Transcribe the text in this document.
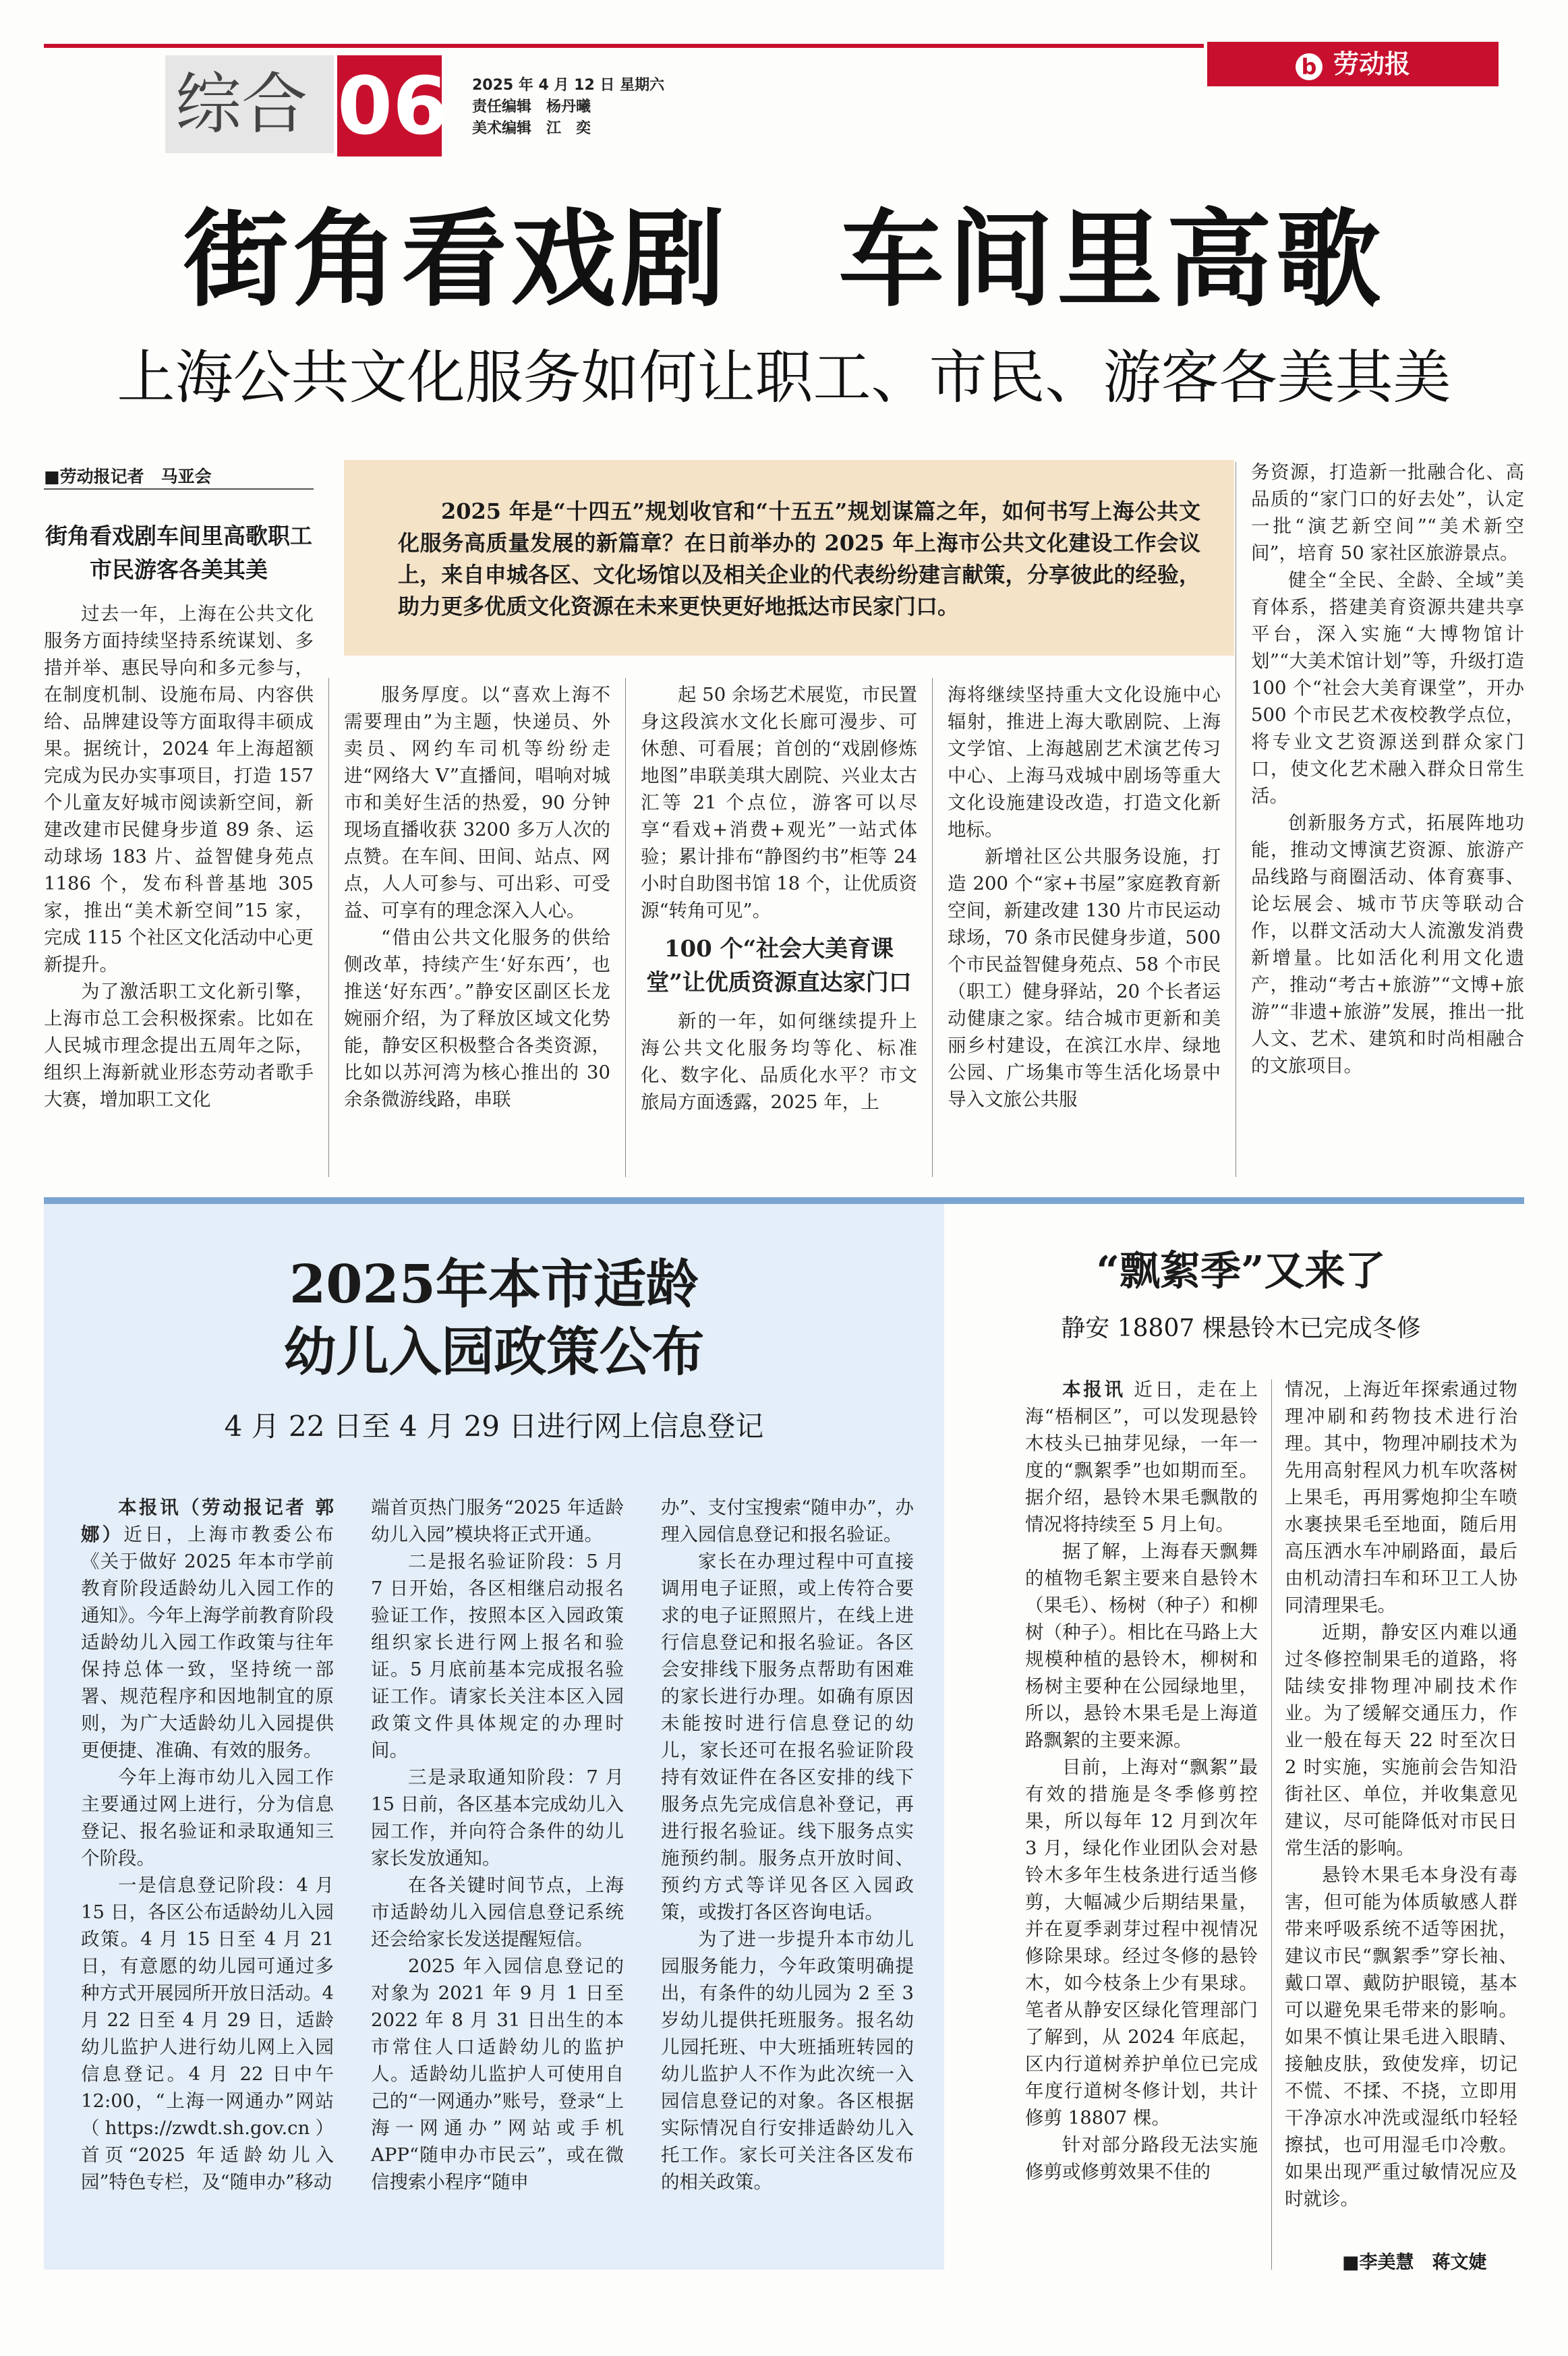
综合 06 2025 年 4 月 12 日 星期六
责任编辑　杨丹曦
美术编辑　江　奕
b 劳动报
街角看戏剧　车间里高歌
上海公共文化服务如何让职工、市民、游客各美其美
■劳动报记者　马亚会
街角看戏剧车间里高歌职工市民游客各美其美
2025 年是“十四五”规划收官和“十五五”规划谋篇之年，如何书写上海公共文化服务高质量发展的新篇章？在日前举办的 2025 年上海市公共文化建设工作会议上，来自申城各区、文化场馆以及相关企业的代表纷纷建言献策，分享彼此的经验，助力更多优质文化资源在未来更快更好地抵达市民家门口。

过去一年，上海在公共文化服务方面持续坚持系统谋划、多措并举、惠民导向和多元参与，在制度机制、设施布局、内容供给、品牌建设等方面取得丰硕成果。据统计，2024 年上海超额完成为民办实事项目，打造 157 个儿童友好城市阅读新空间，新建改建市民健身步道 89 条、运动球场 183 片、益智健身苑点 1186 个，发布科普基地 305 家，推出“美术新空间”15 家，完成 115 个社区文化活动中心更新提升。

为了激活职工文化新引擎，上海市总工会积极探索。比如在人民城市理念提出五周年之际，组织上海新就业形态劳动者歌手大赛，增加职工文化

服务厚度。以“喜欢上海不需要理由”为主题，快递员、外卖员、网约车司机等纷纷走进“网络大 V”直播间，唱响对城市和美好生活的热爱，90 分钟现场直播收获 3200 多万人次的点赞。在车间、田间、站点、网点，人人可参与、可出彩、可受益、可享有的理念深入人心。

“借由公共文化服务的供给侧改革，持续产生‘好东西’，也推送‘好东西’。”静安区副区长龙婉丽介绍，为了释放区域文化势能，静安区积极整合各类资源，比如以苏河湾为核心推出的 30 余条微游线路，串联

起 50 余场艺术展览，市民置身这段滨水文化长廊可漫步、可休憩、可看展；首创的“戏剧修炼地图”串联美琪大剧院、兴业太古汇等 21 个点位，游客可以尽享“看戏+消费+观光”一站式体验；累计排布“静图约书”柜等 24 小时自助图书馆 18 个，让优质资源“转角可见”。

100 个“社会大美育课堂”让优质资源直达家门口

新的一年，如何继续提升上海公共文化服务均等化、标准化、数字化、品质化水平？市文旅局方面透露，2025 年，上

海将继续坚持重大文化设施中心辐射，推进上海大歌剧院、上海文学馆、上海越剧艺术演艺传习中心、上海马戏城中剧场等重大文化设施建设改造，打造文化新地标。

新增社区公共服务设施，打造 200 个“家+书屋”家庭教育新空间，新建改建 130 片市民运动球场，70 条市民健身步道，500 个市民益智健身苑点、58 个市民（职工）健身驿站，20 个长者运动健康之家。结合城市更新和美丽乡村建设，在滨江水岸、绿地公园、广场集市等生活化场景中导入文旅公共服

务资源，打造新一批融合化、高品质的“家门口的好去处”，认定一批“演艺新空间”“美术新空间”，培育 50 家社区旅游景点。

健全“全民、全龄、全域”美育体系，搭建美育资源共建共享平台，深入实施“大博物馆计划”“大美术馆计划”等，升级打造 100 个“社会大美育课堂”，开办 500 个市民艺术夜校教学点位，将专业文艺资源送到群众家门口，使文化艺术融入群众日常生活。

创新服务方式，拓展阵地功能，推动文博演艺资源、旅游产品线路与商圈活动、体育赛事、论坛展会、城市节庆等联动合作，以群文活动大人流激发消费新增量。比如活化利用文化遗产，推动“考古+旅游”“文博+旅游”“非遗+旅游”发展，推出一批人文、艺术、建筑和时尚相融合的文旅项目。

2025年本市适龄
幼儿入园政策公布
4 月 22 日至 4 月 29 日进行网上信息登记

本报讯（劳动报记者 郭娜）近日，上海市教委公布《关于做好 2025 年本市学前教育阶段适龄幼儿入园工作的通知》。今年上海学前教育阶段适龄幼儿入园工作政策与往年保持总体一致，坚持统一部署、规范程序和因地制宜的原则，为广大适龄幼儿入园提供更便捷、准确、有效的服务。

今年上海市幼儿入园工作主要通过网上进行，分为信息登记、报名验证和录取通知三个阶段。

一是信息登记阶段：4 月 15 日，各区公布适龄幼儿入园政策。4 月 15 日至 4 月 21 日，有意愿的幼儿园可通过多种方式开展园所开放日活动。4 月 22 日至 4 月 29 日，适龄幼儿监护人进行幼儿网上入园信息登记。4 月 22 日中午 12:00，“上海一网通办”网站（https://zwdt.sh.gov.cn）首页“2025 年适龄幼儿入园”特色专栏，及“随申办”移动

端首页热门服务“2025 年适龄幼儿入园”模块将正式开通。

二是报名验证阶段：5 月 7 日开始，各区相继启动报名验证工作，按照本区入园政策组织家长进行网上报名和验证。5 月底前基本完成报名验证工作。请家长关注本区入园政策文件具体规定的办理时间。

三是录取通知阶段：7 月 15 日前，各区基本完成幼儿入园工作，并向符合条件的幼儿家长发放通知。

在各关键时间节点，上海市适龄幼儿入园信息登记系统还会给家长发送提醒短信。

2025 年入园信息登记的对象为 2021 年 9 月 1 日至 2022 年 8 月 31 日出生的本市常住人口适龄幼儿的监护人。适龄幼儿监护人可使用自己的“一网通办”账号，登录“上海一网通办”网站或手机 APP“随申办市民云”，或在微信搜索小程序“随申

办”、支付宝搜索“随申办”，办理入园信息登记和报名验证。

家长在办理过程中可直接调用电子证照，或上传符合要求的电子证照照片，在线上进行信息登记和报名验证。各区会安排线下服务点帮助有困难的家长进行办理。如确有原因未能按时进行信息登记的幼儿，家长还可在报名验证阶段持有效证件在各区安排的线下服务点先完成信息补登记，再进行报名验证。线下服务点实施预约制。服务点开放时间、预约方式等详见各区入园政策，或拨打各区咨询电话。

为了进一步提升本市幼儿园服务能力，今年政策明确提出，有条件的幼儿园为 2 至 3 岁幼儿提供托班服务。报名幼儿园托班、中大班插班转园的幼儿监护人不作为此次统一入园信息登记的对象。各区根据实际情况自行安排适龄幼儿入托工作。家长可关注各区发布的相关政策。

“飘絮季”又来了
静安 18807 棵悬铃木已完成冬修

本报讯 近日，走在上海“梧桐区”，可以发现悬铃木枝头已抽芽见绿，一年一度的“飘絮季”也如期而至。据介绍，悬铃木果毛飘散的情况将持续至 5 月上旬。

据了解，上海春天飘舞的植物毛絮主要来自悬铃木（果毛）、杨树（种子）和柳树（种子）。相比在马路上大规模种植的悬铃木，柳树和杨树主要种在公园绿地里，所以，悬铃木果毛是上海道路飘絮的主要来源。

目前，上海对“飘絮”最有效的措施是冬季修剪控果，所以每年 12 月到次年 3 月，绿化作业团队会对悬铃木多年生枝条进行适当修剪，大幅减少后期结果量，并在夏季剥芽过程中视情况修除果球。经过冬修的悬铃木，如今枝条上少有果球。笔者从静安区绿化管理部门了解到，从 2024 年底起，区内行道树养护单位已完成年度行道树冬修计划，共计修剪 18807 棵。

针对部分路段无法实施修剪或修剪效果不佳的

情况，上海近年探索通过物理冲刷和药物技术进行治理。其中，物理冲刷技术为先用高射程风力机车吹落树上果毛，再用雾炮抑尘车喷水裹挟果毛至地面，随后用高压洒水车冲刷路面，最后由机动清扫车和环卫工人协同清理果毛。

近期，静安区内难以通过冬修控制果毛的道路，将陆续安排物理冲刷技术作业。为了缓解交通压力，作业一般在每天 22 时至次日 2 时实施，实施前会告知沿街社区、单位，并收集意见建议，尽可能降低对市民日常生活的影响。

悬铃木果毛本身没有毒害，但可能为体质敏感人群带来呼吸系统不适等困扰，建议市民“飘絮季”穿长袖、戴口罩、戴防护眼镜，基本可以避免果毛带来的影响。如果不慎让果毛进入眼睛、接触皮肤，致使发痒，切记不慌、不揉、不挠，立即用干净凉水冲洗或湿纸巾轻轻擦拭，也可用湿毛巾冷敷。如果出现严重过敏情况应及时就诊。

■李美慧　蒋文婕
